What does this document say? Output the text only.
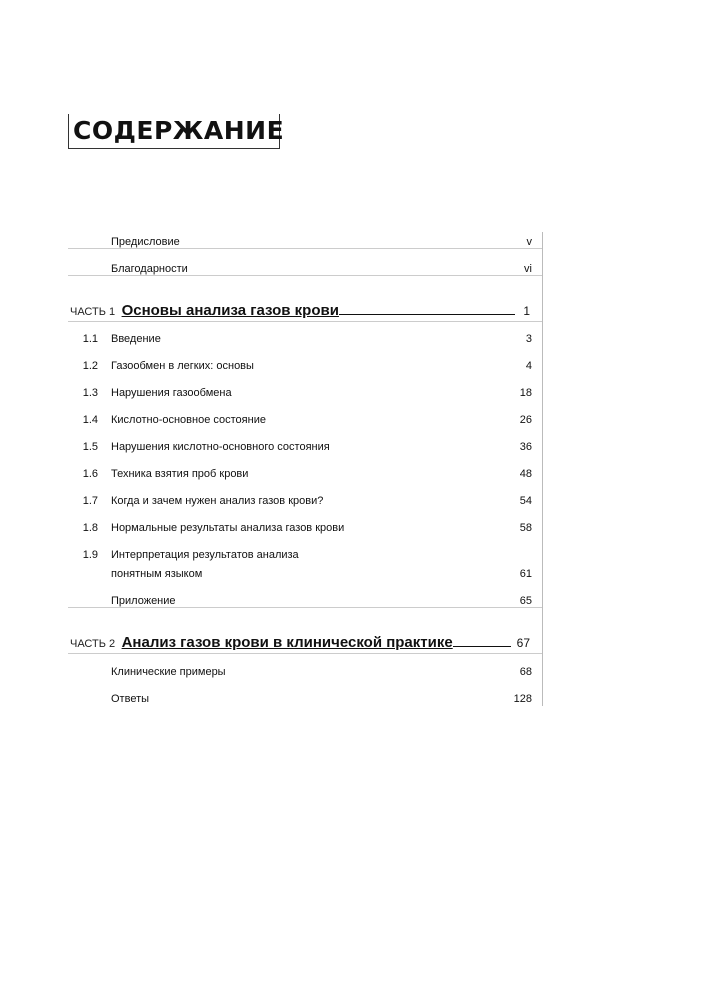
СОДЕРЖАНИЕ
Предисловие	v
Благодарности	vi
ЧАСТЬ 1 Основы анализа газов крови	1
1.1 Введение	3
1.2 Газообмен в легких: основы	4
1.3 Нарушения газообмена	18
1.4 Кислотно-основное состояние	26
1.5 Нарушения кислотно-основного состояния	36
1.6 Техника взятия проб крови	48
1.7 Когда и зачем нужен анализ газов крови?	54
1.8 Нормальные результаты анализа газов крови	58
1.9 Интерпретация результатов анализа
понятным языком	61
Приложение	65
ЧАСТЬ 2 Анализ газов крови в клинической практике	67
Клинические примеры	68
Ответы	128
